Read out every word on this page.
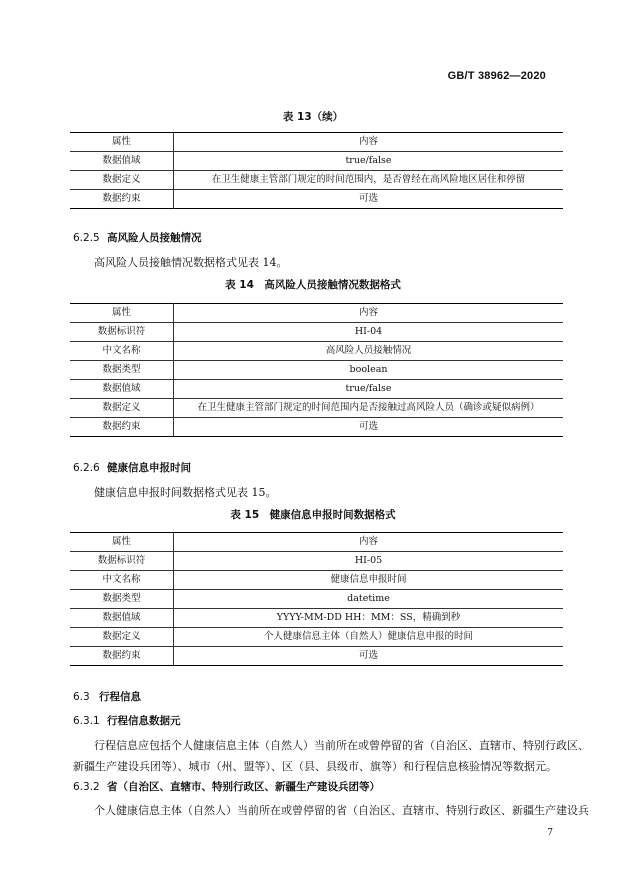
GB/T 38962—2020
表 13（续）
属性	内容
数据值域	true/false
数据定义	在卫生健康主管部门规定的时间范围内，是否曾经在高风险地区居住和停留
数据约束	可选
6.2.5 高风险人员接触情况
高风险人员接触情况数据格式见表 14。
表 14　高风险人员接触情况数据格式
属性	内容
数据标识符	HI-04
中文名称	高风险人员接触情况
数据类型	boolean
数据值域	true/false
数据定义	在卫生健康主管部门规定的时间范围内是否接触过高风险人员（确诊或疑似病例）
数据约束	可选
6.2.6 健康信息申报时间
健康信息申报时间数据格式见表 15。
表 15　健康信息申报时间数据格式
属性	内容
数据标识符	HI-05
中文名称	健康信息申报时间
数据类型	datetime
数据值域	YYYY-MM-DD HH：MM：SS，精确到秒
数据定义	个人健康信息主体（自然人）健康信息申报的时间
数据约束	可选
6.3 行程信息
6.3.1 行程信息数据元
行程信息应包括个人健康信息主体（自然人）当前所在或曾停留的省（自治区、直辖市、特别行政区、
新疆生产建设兵团等）、城市（州、盟等）、区（县、县级市、旗等）和行程信息核验情况等数据元。
6.3.2 省（自治区、直辖市、特别行政区、新疆生产建设兵团等）
个人健康信息主体（自然人）当前所在或曾停留的省（自治区、直辖市、特别行政区、新疆生产建设兵
7
